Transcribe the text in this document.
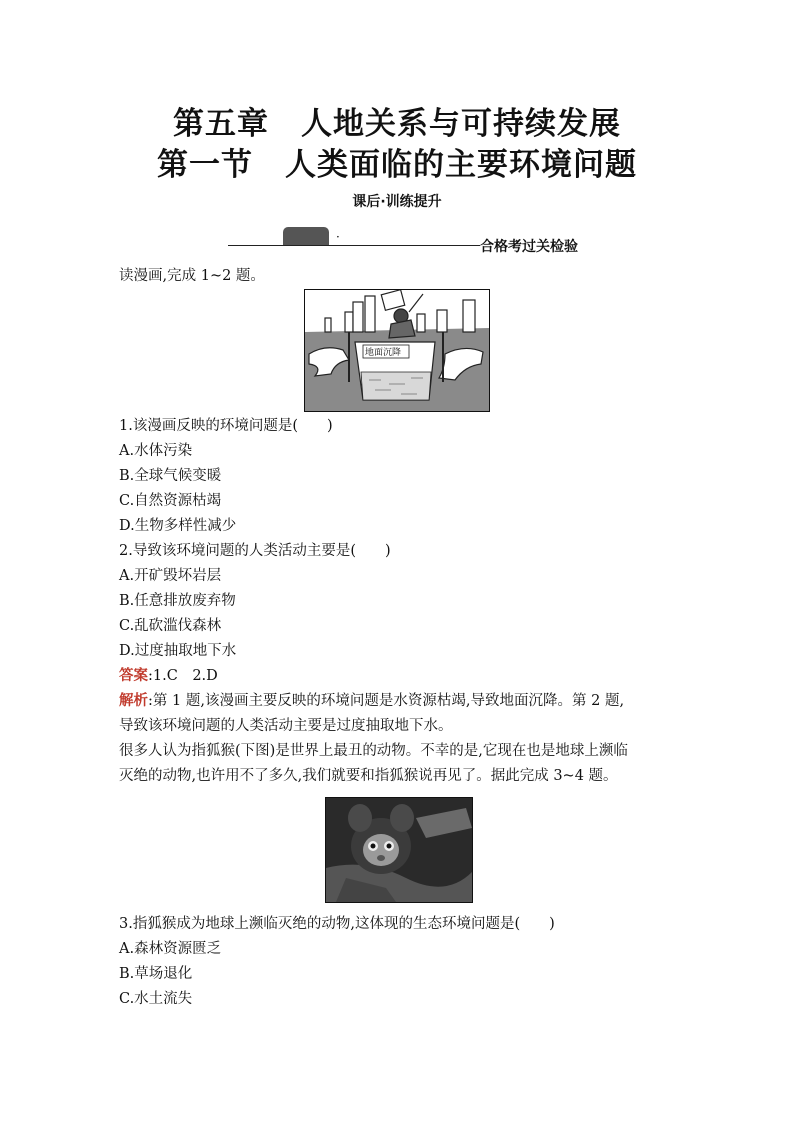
第五章　人地关系与可持续发展
第一节　人类面临的主要环境问题
课后·训练提升
·
合格考过关检验
读漫画,完成 1~2 题。
地面沉降
1.该漫画反映的环境问题是(　　)
A.水体污染
B.全球气候变暖
C.自然资源枯竭
D.生物多样性减少
2.导致该环境问题的人类活动主要是(　　)
A.开矿毁坏岩层
B.任意排放废弃物
C.乱砍滥伐森林
D.过度抽取地下水
答案:1.C　2.D
解析:第 1 题,该漫画主要反映的环境问题是水资源枯竭,导致地面沉降。第 2 题,
导致该环境问题的人类活动主要是过度抽取地下水。
很多人认为指狐猴(下图)是世界上最丑的动物。不幸的是,它现在也是地球上濒临
灭绝的动物,也许用不了多久,我们就要和指狐猴说再见了。据此完成 3~4 题。
3.指狐猴成为地球上濒临灭绝的动物,这体现的生态环境问题是(　　)
A.森林资源匮乏
B.草场退化
C.水土流失
